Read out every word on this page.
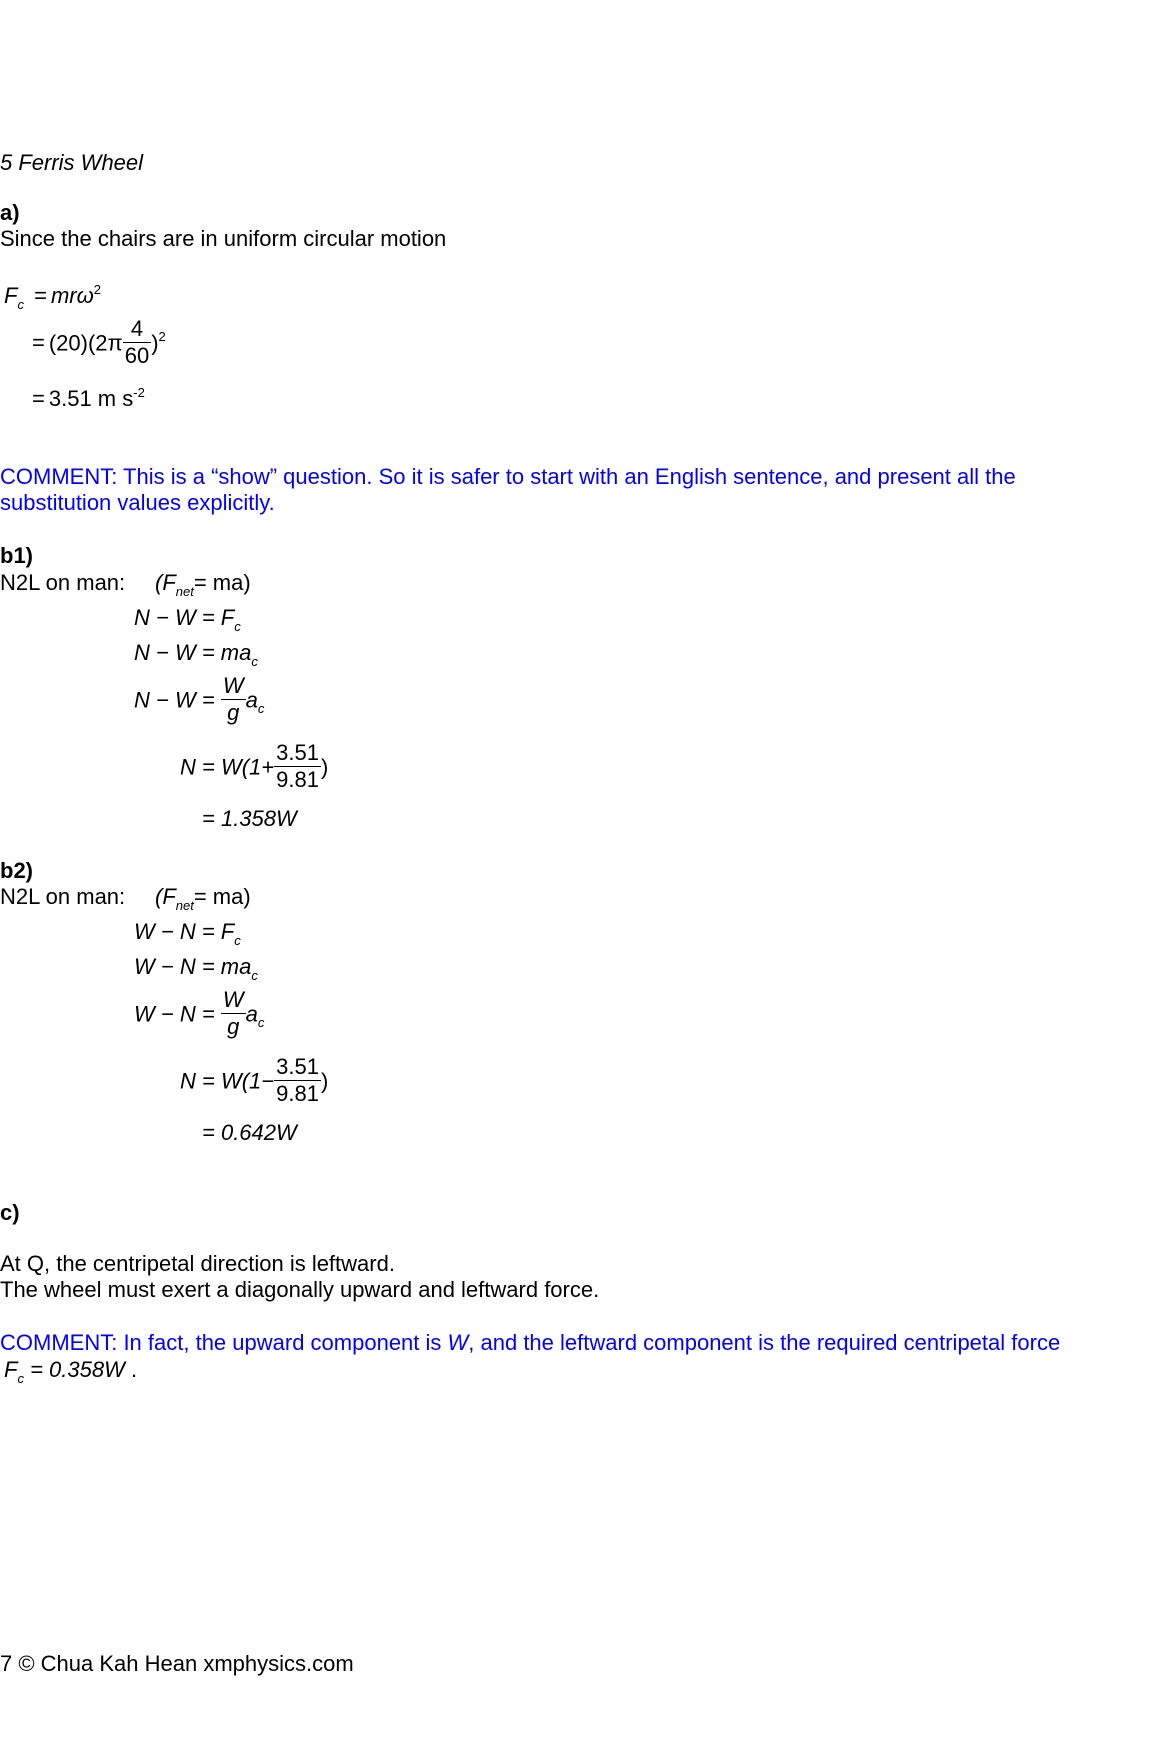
5 Ferris Wheel
a)
Since the chairs are in uniform circular motion
$F_c = mr\omega^2$
= $(20)(2\pi \frac{4}{60} )^2$
= 3.51 m $s^{-2}$
COMMENT: This is a “show” question. So it is safer to start with an English sentence, and present all the substitution values explicitly.
b1)
N2L on man: $(F_{net}= ma)$
$N - W = F_c$
$N - W = ma_c$
$N - W = \frac{W}{g} a_c$
$N = W(1+ \frac{3.51}{9.81}$ )
= 1.358W
b2)
N2L on man: $(F_{net}= ma)$
$W - N = F_c$
$W - N = ma_c$
$W - N = \frac{W}{g} a_c$
$N = W(1- \frac{3.51}{9.81}$ )
= 0.642W
c)
At Q, the centripetal direction is leftward.
The wheel must exert a diagonally upward and leftward force.
COMMENT: In fact, the upward component is W, and the leftward component is the required centripetal force
$F_c = 0.358W$ .
7 © Chua Kah Hean xmphysics.com
